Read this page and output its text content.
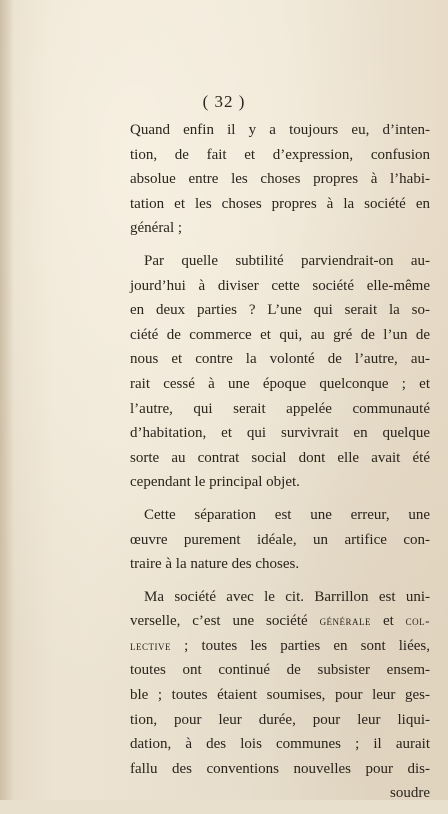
( 32 )
Quand enfin il y a toujours eu, d’inten-
tion, de fait et d’expression, confusion
absolue entre les choses propres à l’habi-
tation et les choses propres à la société en
général ;
Par quelle subtilité parviendrait-on au-
jourd’hui à diviser cette société elle-même
en deux parties ? L’une qui serait la so-
ciété de commerce et qui, au gré de l’un de
nous et contre la volonté de l’autre, au-
rait cessé à une époque quelconque ; et
l’autre, qui serait appelée communauté
d’habitation, et qui survivrait en quelque
sorte au contrat social dont elle avait été
cependant le principal objet.
Cette séparation est une erreur, une
œuvre purement idéale, un artifice con-
traire à la nature des choses.
Ma société avec le cit. Barrillon est uni-
verselle, c’est une société générale et col-
lective ; toutes les parties en sont liées,
toutes ont continué de subsister ensem-
ble ; toutes étaient soumises, pour leur ges-
tion, pour leur durée, pour leur liqui-
dation, à des lois communes ; il aurait
fallu des conventions nouvelles pour dis-
soudre
